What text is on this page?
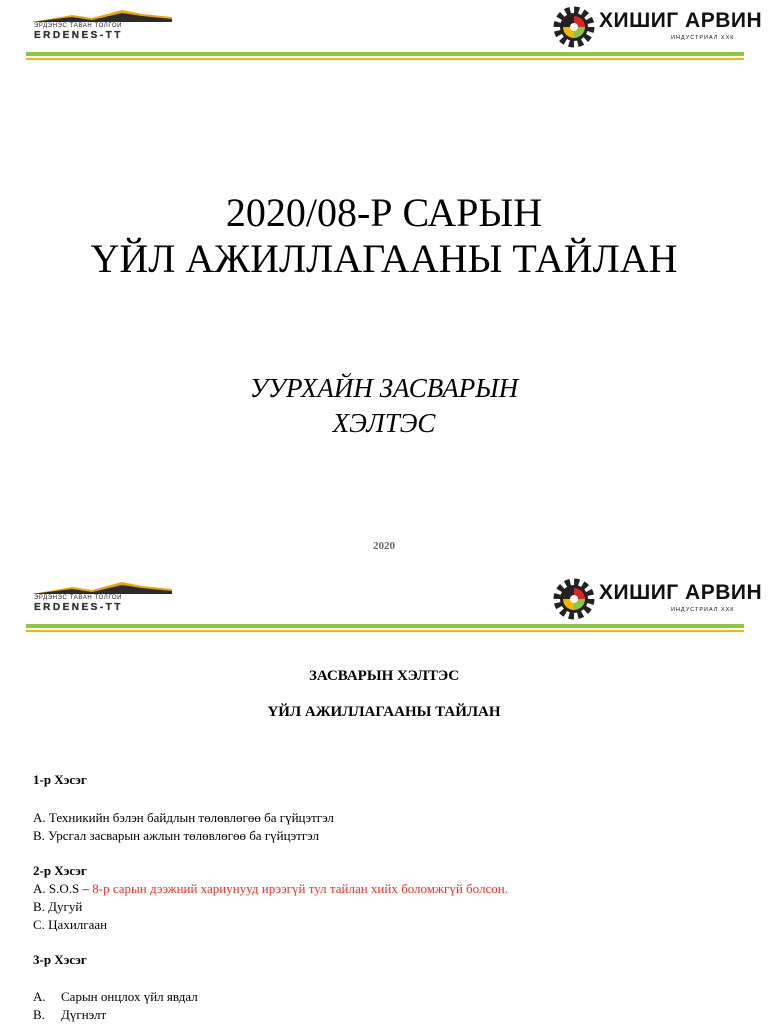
ЭРДЭНЭС ТАВАН ТОЛГОЙ
ERDENES-TT
ХИШИГ АРВИН
ИНДУСТРИАЛ ХХК
2020/08-Р САРЫН
ҮЙЛ АЖИЛЛАГААНЫ ТАЙЛАН
УУРХАЙН ЗАСВАРЫН
ХЭЛТЭС
2020
ЭРДЭНЭС ТАВАН ТОЛГОЙ
ERDENES-TT
ХИШИГ АРВИН
ИНДУСТРИАЛ ХХК
ЗАСВАРЫН ХЭЛТЭС
ҮЙЛ АЖИЛЛАГААНЫ ТАЙЛАН
1-р Хэсэг
A. Техникийн бэлэн байдлын төлөвлөгөө ба гүйцэтгэл
B. Урсгал засварын ажлын төлөвлөгөө ба гүйцэтгэл
2-р Хэсэг
A. S.O.S – 8-р сарын дээжний хариунууд ирээгүй тул тайлан хийх боломжгүй болсон.
B. Дугуй
C. Цахилгаан
3-р Хэсэг
A. Сарын онцлох үйл явдал
B. Дүгнэлт
